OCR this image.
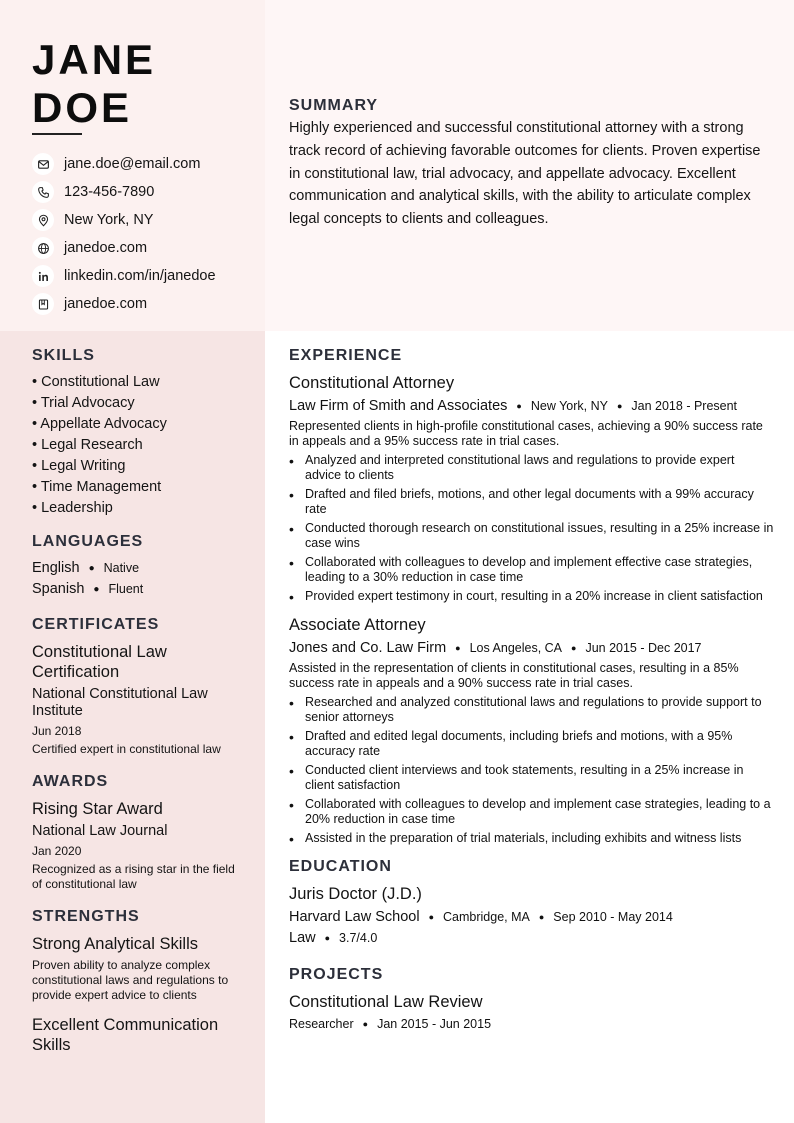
JANE
DOE
jane.doe@email.com
123-456-7890
New York, NY
janedoe.com
linkedin.com/in/janedoe
janedoe.com
SUMMARY

Highly experienced and successful constitutional attorney with a strong track record of achieving favorable outcomes for clients. Proven expertise in constitutional law, trial advocacy, and appellate advocacy. Excellent communication and analytical skills, with the ability to articulate complex legal concepts to clients and colleagues.

SKILLS
• Constitutional Law
• Trial Advocacy
• Appellate Advocacy
• Legal Research
• Legal Writing
• Time Management
• Leadership
LANGUAGES
English ● Native
Spanish ● Fluent
CERTIFICATES
Constitutional Law Certification
National Constitutional Law Institute
Jun 2018
Certified expert in constitutional law
AWARDS
Rising Star Award
National Law Journal
Jan 2020
Recognized as a rising star in the field of constitutional law
STRENGTHS
Strong Analytical Skills
Proven ability to analyze complex constitutional laws and regulations to provide expert advice to clients
Excellent Communication Skills
EXPERIENCE
Constitutional Attorney
Law Firm of Smith and Associates ● New York, NY ● Jan 2018 - Present
Represented clients in high-profile constitutional cases, achieving a 90% success rate in appeals and a 95% success rate in trial cases.
• Analyzed and interpreted constitutional laws and regulations to provide expert advice to clients
• Drafted and filed briefs, motions, and other legal documents with a 99% accuracy rate
• Conducted thorough research on constitutional issues, resulting in a 25% increase in case wins
• Collaborated with colleagues to develop and implement effective case strategies, leading to a 30% reduction in case time
• Provided expert testimony in court, resulting in a 20% increase in client satisfaction
Associate Attorney
Jones and Co. Law Firm ● Los Angeles, CA ● Jun 2015 - Dec 2017
Assisted in the representation of clients in constitutional cases, resulting in a 85% success rate in appeals and a 90% success rate in trial cases.
• Researched and analyzed constitutional laws and regulations to provide support to senior attorneys
• Drafted and edited legal documents, including briefs and motions, with a 95% accuracy rate
• Conducted client interviews and took statements, resulting in a 25% increase in client satisfaction
• Collaborated with colleagues to develop and implement case strategies, leading to a 20% reduction in case time
• Assisted in the preparation of trial materials, including exhibits and witness lists
EDUCATION
Juris Doctor (J.D.)
Harvard Law School ● Cambridge, MA ● Sep 2010 - May 2014
Law ● 3.7/4.0
PROJECTS
Constitutional Law Review
Researcher ● Jan 2015 - Jun 2015
